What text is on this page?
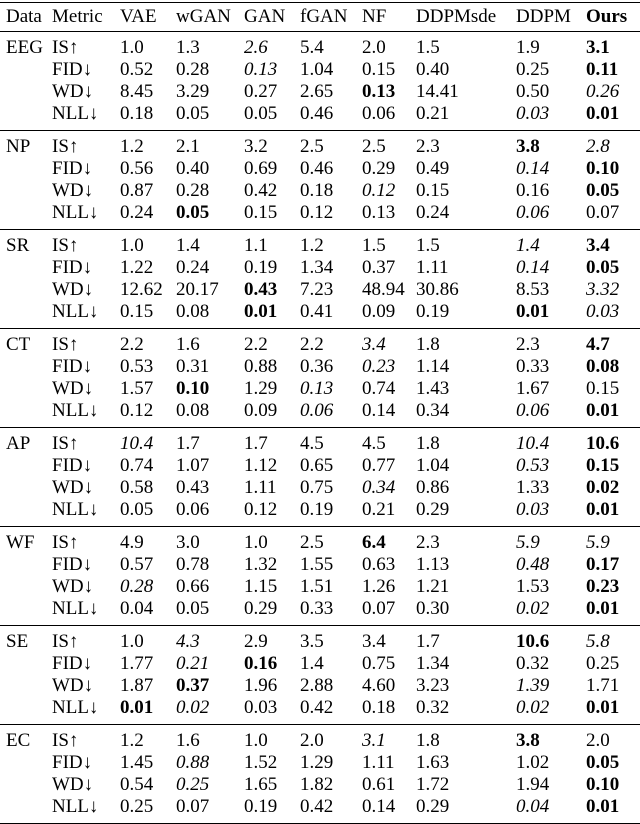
Data	Metric	VAE	wGAN	GAN	fGAN	NF	DDPMsde	DDPM	Ours
EEG	IS↑	1.0	1.3	2.6	5.4	2.0	1.5	1.9	3.1
	FID↓	0.52	0.28	0.13	1.04	0.15	0.40	0.25	0.11
	WD↓	8.45	3.29	0.27	2.65	0.13	14.41	0.50	0.26
	NLL↓	0.18	0.05	0.05	0.46	0.06	0.21	0.03	0.01
NP	IS↑	1.2	2.1	3.2	2.5	2.5	2.3	3.8	2.8
	FID↓	0.56	0.40	0.69	0.46	0.29	0.49	0.14	0.10
	WD↓	0.87	0.28	0.42	0.18	0.12	0.15	0.16	0.05
	NLL↓	0.24	0.05	0.15	0.12	0.13	0.24	0.06	0.07
SR	IS↑	1.0	1.4	1.1	1.2	1.5	1.5	1.4	3.4
	FID↓	1.22	0.24	0.19	1.34	0.37	1.11	0.14	0.05
	WD↓	12.62	20.17	0.43	7.23	48.94	30.86	8.53	3.32
	NLL↓	0.15	0.08	0.01	0.41	0.09	0.19	0.01	0.03
CT	IS↑	2.2	1.6	2.2	2.2	3.4	1.8	2.3	4.7
	FID↓	0.53	0.31	0.88	0.36	0.23	1.14	0.33	0.08
	WD↓	1.57	0.10	1.29	0.13	0.74	1.43	1.67	0.15
	NLL↓	0.12	0.08	0.09	0.06	0.14	0.34	0.06	0.01
AP	IS↑	10.4	1.7	1.7	4.5	4.5	1.8	10.4	10.6
	FID↓	0.74	1.07	1.12	0.65	0.77	1.04	0.53	0.15
	WD↓	0.58	0.43	1.11	0.75	0.34	0.86	1.33	0.02
	NLL↓	0.05	0.06	0.12	0.19	0.21	0.29	0.03	0.01
WF	IS↑	4.9	3.0	1.0	2.5	6.4	2.3	5.9	5.9
	FID↓	0.57	0.78	1.32	1.55	0.63	1.13	0.48	0.17
	WD↓	0.28	0.66	1.15	1.51	1.26	1.21	1.53	0.23
	NLL↓	0.04	0.05	0.29	0.33	0.07	0.30	0.02	0.01
SE	IS↑	1.0	4.3	2.9	3.5	3.4	1.7	10.6	5.8
	FID↓	1.77	0.21	0.16	1.4	0.75	1.34	0.32	0.25
	WD↓	1.87	0.37	1.96	2.88	4.60	3.23	1.39	1.71
	NLL↓	0.01	0.02	0.03	0.42	0.18	0.32	0.02	0.01
EC	IS↑	1.2	1.6	1.0	2.0	3.1	1.8	3.8	2.0
	FID↓	1.45	0.88	1.52	1.29	1.11	1.63	1.02	0.05
	WD↓	0.54	0.25	1.65	1.82	0.61	1.72	1.94	0.10
	NLL↓	0.25	0.07	0.19	0.42	0.14	0.29	0.04	0.01
